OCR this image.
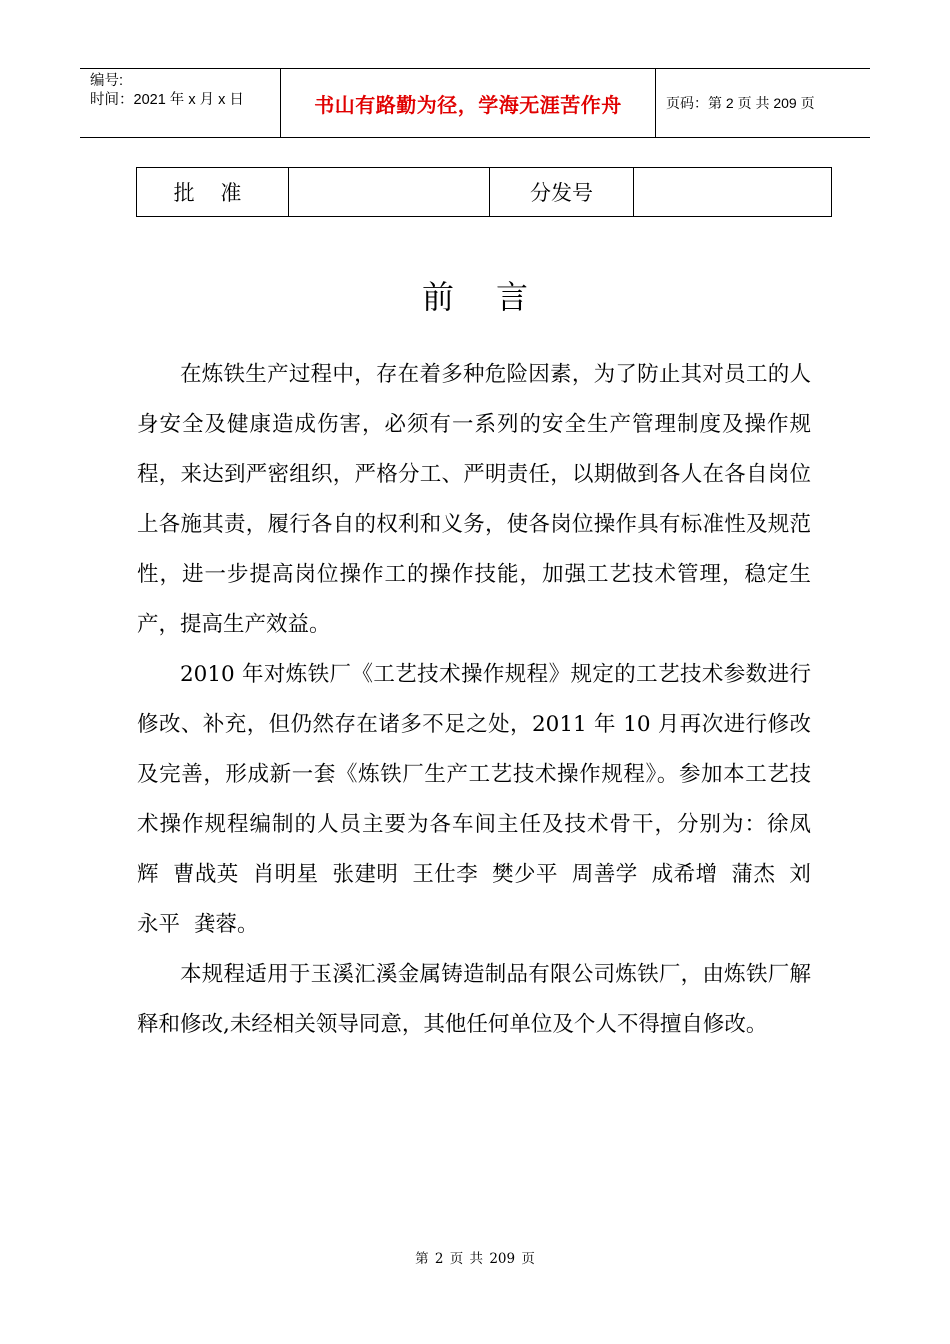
编号:
时间：2021 年 x 月 x 日	书山有路勤为径，学海无涯苦作舟	页码：第 2 页 共 209 页
批 准		分发号	
前言

在炼铁生产过程中，存在着多种危险因素，为了防止其对员工的人身安全及健康造成伤害，必须有一系列的安全生产管理制度及操作规程，来达到严密组织，严格分工、严明责任，以期做到各人在各自岗位上各施其责，履行各自的权利和义务，使各岗位操作具有标准性及规范性，进一步提高岗位操作工的操作技能，加强工艺技术管理，稳定生产，提高生产效益。

2010 年对炼铁厂《工艺技术操作规程》规定的工艺技术参数进行修改、补充，但仍然存在诸多不足之处，2011 年 10 月再次进行修改及完善，形成新一套《炼铁厂生产工艺技术操作规程》。参加本工艺技术操作规程编制的人员主要为各车间主任及技术骨干，分别为：徐凤辉 曹战英 肖明星 张建明 王仕李 樊少平 周善学 成希增 蒲杰 刘永平 龚蓉。

本规程适用于玉溪汇溪金属铸造制品有限公司炼铁厂，由炼铁厂解释和修改,未经相关领导同意，其他任何单位及个人不得擅自修改。

第 2 页 共 209 页
